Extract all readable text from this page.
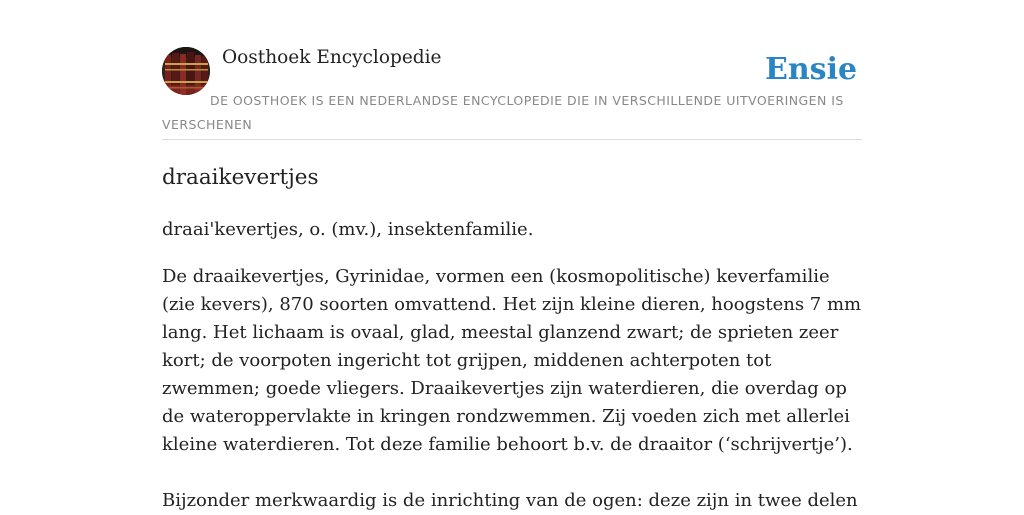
Oosthoek Encyclopedie	Ensie
DE OOSTHOEK IS EEN NEDERLANDSE ENCYCLOPEDIE DIE IN VERSCHILLENDE UITVOERINGEN IS VERSCHENEN
draaikevertjes

draai'kevertjes, o. (mv.), insektenfamilie.

De draaikevertjes, Gyrinidae, vormen een (kosmopolitische) keverfamilie (zie kevers), 870 soorten omvattend. Het zijn kleine dieren, hoogstens 7 mm lang. Het lichaam is ovaal, glad, meestal glanzend zwart; de sprieten zeer kort; de voorpoten ingericht tot grijpen, middenen achterpoten tot zwemmen; goede vliegers. Draaikevertjes zijn waterdieren, die overdag op de wateroppervlakte in kringen rondzwemmen. Zij voeden zich met allerlei kleine waterdieren. Tot deze familie behoort b.v. de draaitor (‘schrijvertje’).

Bijzonder merkwaardig is de inrichting van de ogen: deze zijn in twee delen
